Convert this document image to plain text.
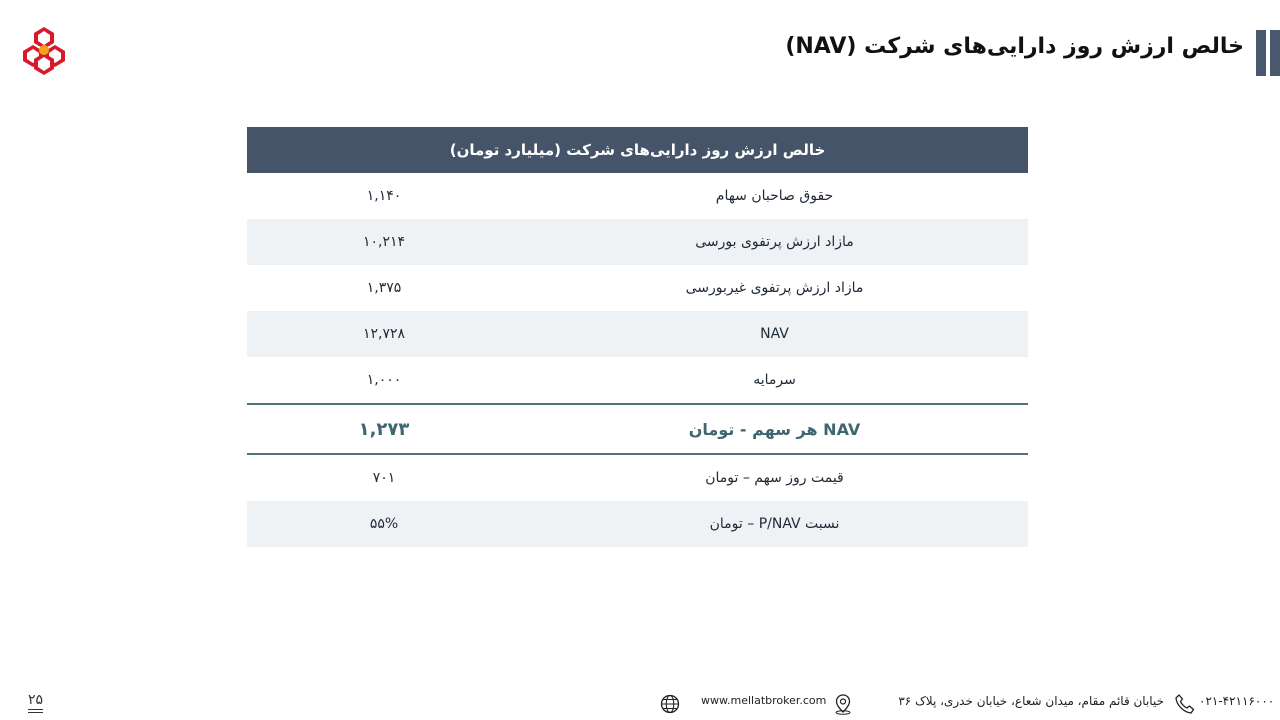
خالص ارزش روز دارایی‌های شرکت (NAV)
خالص ارزش روز دارایی‌های شرکت (میلیارد تومان)	
۱,۱۴۰	حقوق صاحبان سهام
۱۰,۲۱۴	مازاد ارزش پرتفوی بورسی
۱,۳۷۵	مازاد ارزش پرتفوی غیربورسی
۱۲,۷۲۸	NAV
۱,۰۰۰	سرمایه
۱,۲۷۳	NAV هر سهم - تومان
۷۰۱	قیمت روز سهم – تومان
۵۵%	نسبت P/NAV – تومان
۲۵	www.mellatbroker.com	خیابان قائم مقام، میدان شعاع، خیابان خدری، پلاک ۳۶	۰۲۱-۴۲۱۱۶۰۰۰
